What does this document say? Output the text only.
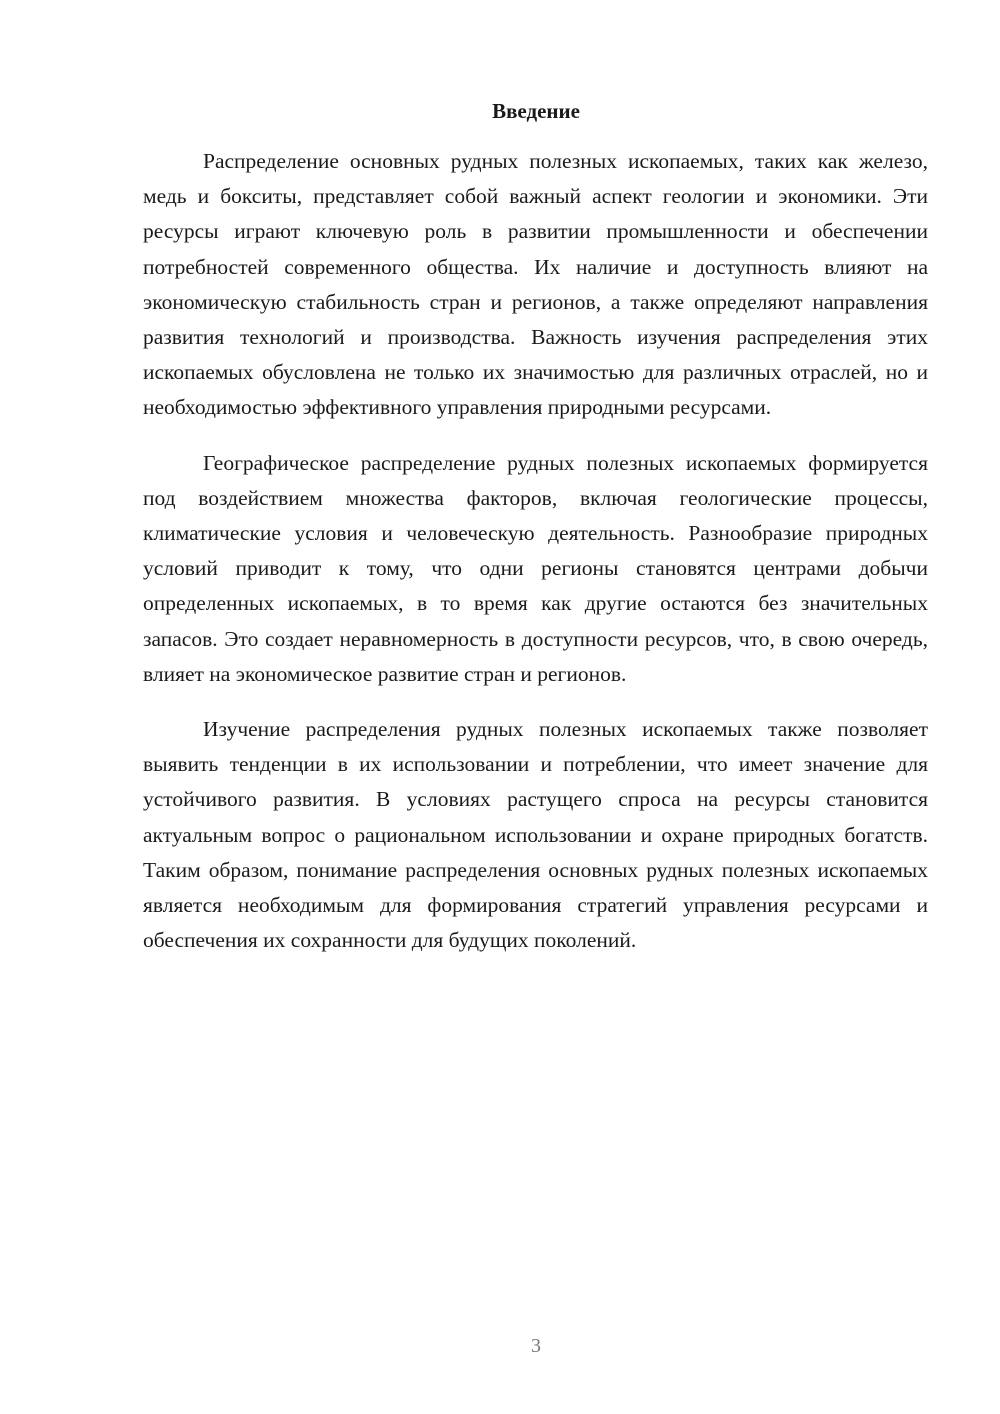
Введение

Распределение основных рудных полезных ископаемых, таких как железо, медь и бокситы, представляет собой важный аспект геологии и экономики. Эти ресурсы играют ключевую роль в развитии промышленности и обеспечении потребностей современного общества. Их наличие и доступность влияют на экономическую стабильность стран и регионов, а также определяют направления развития технологий и производства. Важность изучения распределения этих ископаемых обусловлена не только их значимостью для различных отраслей, но и необходимостью эффективного управления природными ресурсами.

Географическое распределение рудных полезных ископаемых формируется под воздействием множества факторов, включая геологические процессы, климатические условия и человеческую деятельность. Разнообразие природных условий приводит к тому, что одни регионы становятся центрами добычи определенных ископаемых, в то время как другие остаются без значительных запасов. Это создает неравномерность в доступности ресурсов, что, в свою очередь, влияет на экономическое развитие стран и регионов.

Изучение распределения рудных полезных ископаемых также позволяет выявить тенденции в их использовании и потреблении, что имеет значение для устойчивого развития. В условиях растущего спроса на ресурсы становится актуальным вопрос о рациональном использовании и охране природных богатств. Таким образом, понимание распределения основных рудных полезных ископаемых является необходимым для формирования стратегий управления ресурсами и обеспечения их сохранности для будущих поколений.

3
